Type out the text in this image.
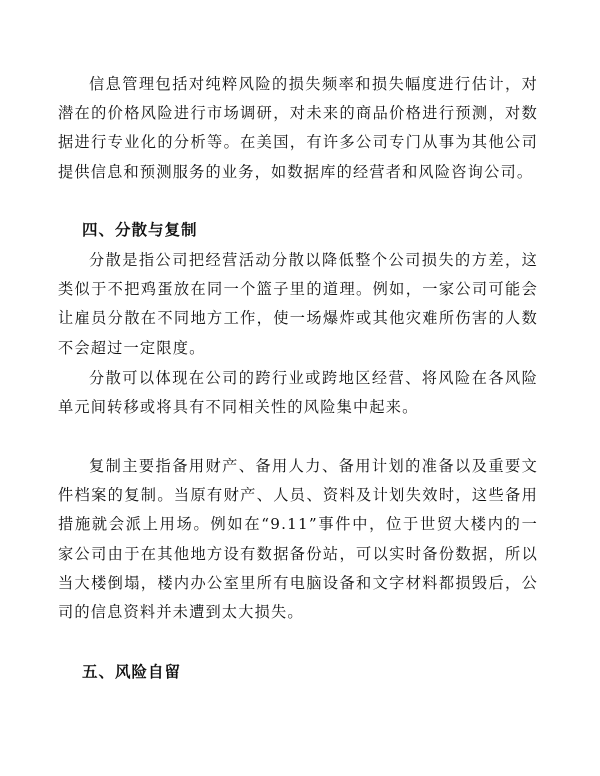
信息管理包括对纯粹风险的损失频率和损失幅度进行估计，对潜在的价格风险进行市场调研，对未来的商品价格进行预测，对数据进行专业化的分析等。在美国，有许多公司专门从事为其他公司提供信息和预测服务的业务，如数据库的经营者和风险咨询公司。

四、分散与复制

分散是指公司把经营活动分散以降低整个公司损失的方差，这类似于不把鸡蛋放在同一个篮子里的道理。例如，一家公司可能会让雇员分散在不同地方工作，使一场爆炸或其他灾难所伤害的人数不会超过一定限度。

分散可以体现在公司的跨行业或跨地区经营、将风险在各风险单元间转移或将具有不同相关性的风险集中起来。

复制主要指备用财产、备用人力、备用计划的准备以及重要文件档案的复制。当原有财产、人员、资料及计划失效时，这些备用措施就会派上用场。例如在“9.11”事件中，位于世贸大楼内的一家公司由于在其他地方设有数据备份站，可以实时备份数据，所以当大楼倒塌，楼内办公室里所有电脑设备和文字材料都损毁后，公司的信息资料并未遭到太大损失。

五、风险自留
